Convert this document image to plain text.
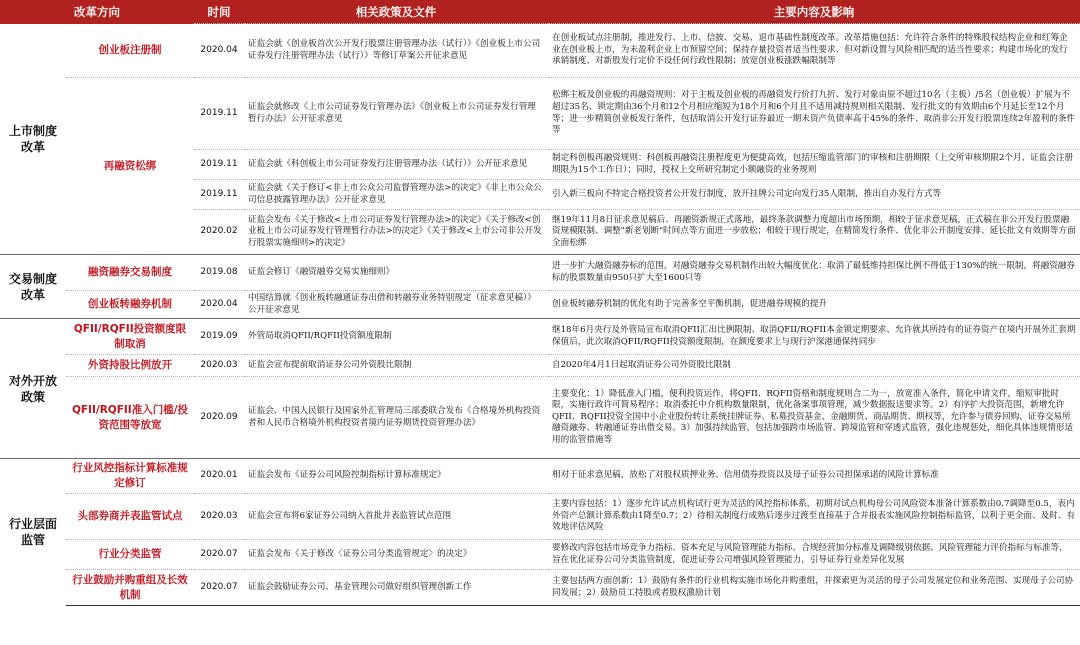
改革方向		时间	相关政策及文件	主要内容及影响
上市制度改革	创业板注册制	2020.04	证监会就《创业板首次公开发行股票注册管理办法（试行）》《创业板上市公司证券发行注册管理办法（试行）》等修订草案公开征求意见	在创业板试点注册制，推进发行、上市、信披、交易、退市基础性制度改革。改革措施包括：允许符合条件的特殊股权结构企业和红筹企业在创业板上市，为未盈利企业上市预留空间；保持存量投资者适当性要求、但对新设置与风险相匹配的适当性要求；构建市场化的发行承销制度、对新股发行定价不设任何行政性限制；放宽创业板涨跌幅限制等
	再融资松绑	2019.11	证监会就修改《上市公司证券发行管理办法》《创业板上市公司证券发行管理暂行办法》公开征求意见	松绑主板及创业板的再融资规则：对于主板及创业板的再融资发行价打九折、发行对象由原不超过10名（主板）/5名（创业板）扩展为不超过35名、锁定期由36个月和12个月相应缩短为18个月和6个月且不适用减持规则相关限制、发行批文的有效期由6个月延长至12个月等；进一步精简创业板发行条件，包括取消公开发行证券最近一期末资产负债率高于45%的条件、取消非公开发行股票连续2年盈利的条件等
		2019.11	证监会就《科创板上市公司证券发行注册管理办法（试行）》公开征求意见	制定科创板再融资规则：科创板再融资注册程度更为便捷高效，包括压缩监管部门的审核和注册期限（上交所审核期限2个月、证监会注册期限为15个工作日）；同时，授权上交所研究制定小额融资的业务规则
		2019.11	证监会就《关于修订<非上市公众公司监督管理办法>的决定》《非上市公众公司信息披露管理办法》公开征求意见	引入新三板向不特定合格投资者公开发行制度，放开挂牌公司定向发行35人限制，推出自办发行方式等
		2020.02	证监会发布《关于修改<上市公司证券发行管理办法>的决定》《关于修改<创业板上市公司证券发行管理暂行办法>的决定》《关于修改<上市公司非公开发行股票实施细则>的决定》	继19年11月8日征求意见稿后、再融资新规正式落地，最终条款调整力度超出市场预期，相较于征求意见稿，正式稿在非公开发行股票融资规模限制、调整"新老划断"时间点等方面进一步放松；相较于现行规定，在精简发行条件、优化非公开制度安排、延长批文有效期等方面全面松绑
交易制度改革	融资融券交易制度	2019.08	证监会修订《融资融券交易实施细则》	进一步扩大融资融券标的范围，对融资融券交易机制作出较大幅度优化：取消了最低维持担保比例不得低于130%的统一限制，将融资融券标的股票数量由950只扩大至1600只等
	创业板转融券机制	2020.04	中国结算就《创业板转融通证券出借和转融券业务特别规定（征求意见稿）》公开征求意见	创业板转融券机制的优化有助于完善多空平衡机制，促进融券规模的提升
对外开放政策	QFII/RQFII投资额度限制取消	2019.09	外管局取消QFII/RQFII投资额度限制	继18年6月央行及外管局宣布取消QFII汇出比例限制、取消QFII/RQFII本金锁定期要求、允许就其所持有的证券资产在境内开展外汇套期保值后，此次取消QFII/RQFII投资额度限制，在额度要求上与现行沪深港通保持同步
	外资持股比例放开	2020.03	证监会宣布提前取消证券公司外资股比限制	自2020年4月1日起取消证券公司外资股比限制
	QFII/RQFII准入门槛/投资范围等放宽	2020.09	证监会、中国人民银行及国家外汇管理局三部委联合发布《合格境外机构投资者和人民币合格境外机构投资者境内证券期货投资管理办法》	主要变化：1）降低准入门槛，便利投资运作，将QFII、RQFII资格和制度规则合二为一，放宽准入条件，简化申请文件，缩短审批时限，实施行政许可简易程序；取消委托中介机构数量限制，优化备案事项管理，减少数据报送要求等。2）有序扩大投资范围，新增允许QFII、RQFII投资全国中小企业股份转让系统挂牌证券、私募投资基金、金融期货、商品期货、期权等，允许参与债券回购、证券交易所融资融券、转融通证券出借交易。3）加强持续监管，包括加强跨市场监管、跨境监管和穿透式监管，强化违规惩处，细化具体违规情形适用的监管措施等
行业层面监管	行业风控指标计算标准规定修订	2020.01	证监会发布《证券公司风险控制指标计算标准规定》	相对于征求意见稿，放松了对股权质押业务、信用债券投资以及母子证券公司担保承诺的风险计算标准
	头部券商并表监管试点	2020.03	证监会宣布将6家证券公司纳入首批并表监管试点范围	主要内容包括：1）逐步允许试点机构试行更为灵活的风控指标体系，初期对试点机构母公司风险资本准备计算系数由0.7调降至0.5，表内外资产总额计算系数由1降至0.7；2）待相关制度行成熟后逐步过渡至直接基于合并报表实施风险控制指标监管，以利于更全面、及时、有效地评估风险
	行业分类监管	2020.07	证监会发布《关于修改〈证券公司分类监管规定〉的决定》	要修改内容包括市场竞争力指标、资本充足与风险管理能力指标、合规经营加分标准及调降级别依据、风险管理能力评价指标与标准等，旨在优化证券公司分类监管制度，促进证券公司增强风险管理能力，引导证券行业差异化发展
	行业鼓励并购重组及长效机制	2020.07	证监会鼓励证券公司、基金管理公司做好组织管理创新工作	主要包括两方面创新：1）鼓励有条件的行业机构实施市场化并购重组，并探索更为灵活的母子公司发展定位和业务范围、实现母子公司协同发展；2）鼓励员工持股或者股权激励计划
